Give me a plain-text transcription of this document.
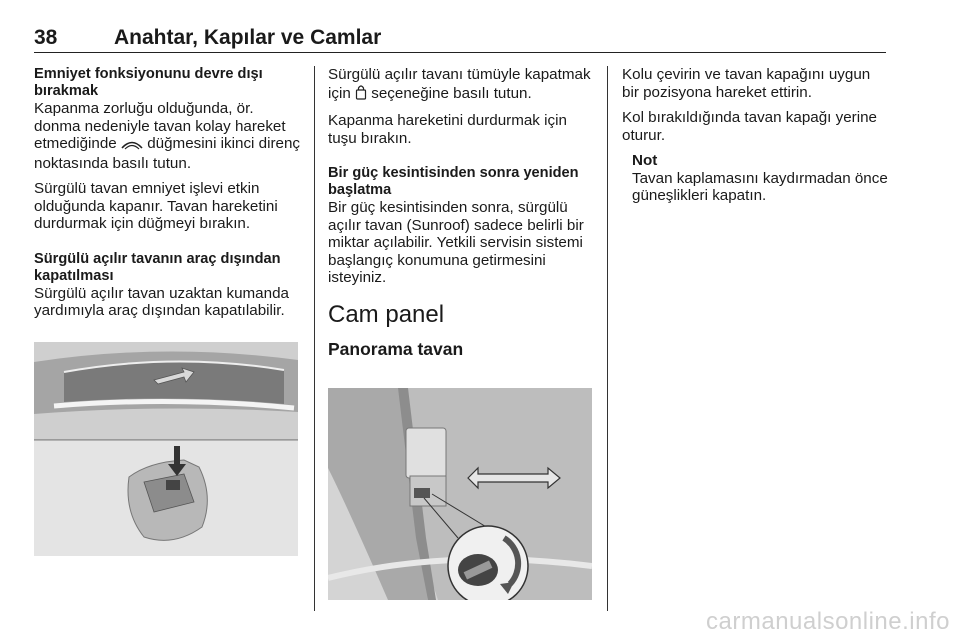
38	Anahtar, Kapılar ve Camlar
Emniyet fonksiyonunu devre dışı bırakmak

Kapanma zorluğu olduğunda, ör. donma nedeniyle tavan kolay hareket etmediğinde düğmesini ikinci direnç noktasında basılı tutun.

Sürgülü tavan emniyet işlevi etkin olduğunda kapanır. Tavan hareketini durdurmak için düğmeyi bırakın.

Sürgülü açılır tavanın araç dışından kapatılması

Sürgülü açılır tavan uzaktan kumanda yardımıyla araç dışından kapatılabilir.

Sürgülü açılır tavanı tümüyle kapatmak için seçeneğine basılı tutun.

Kapanma hareketini durdurmak için tuşu bırakın.

Bir güç kesintisinden sonra yeniden başlatma

Bir güç kesintisinden sonra, sürgülü açılır tavan (Sunroof) sadece belirli bir miktar açılabilir. Yetkili servisin sistemi başlangıç konumuna getirmesini isteyiniz.

Cam panel
Panorama tavan

Kolu çevirin ve tavan kapağını uygun bir pozisyona hareket ettirin.

Kol bırakıldığında tavan kapağı yerine oturur.

Not
Tavan kaplamasını kaydırmadan önce güneşlikleri kapatın.
carmanualsonline.info
